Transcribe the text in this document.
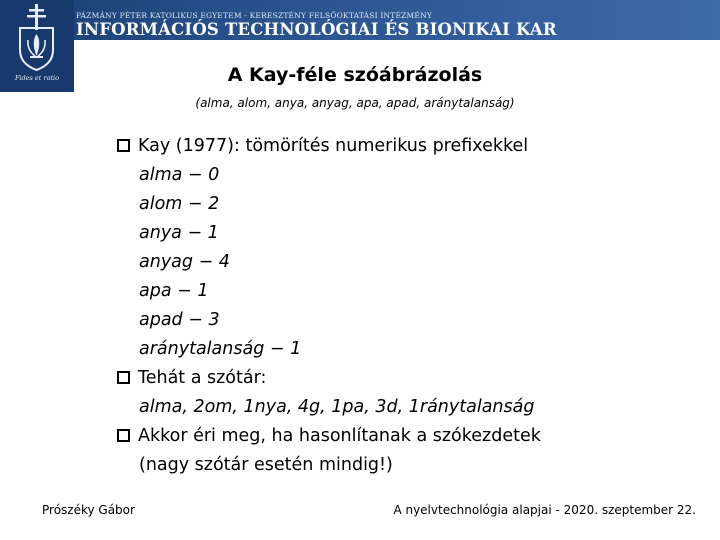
Fides et ratio
PÁZMÁNY PÉTER KATOLIKUS EGYETEM - KERESZTÉNY FELSŐOKTATÁSI INTÉZMÉNY
INFORMÁCIÓS TECHNOLÓGIAI ÉS BIONIKAI KAR
A Kay-féle szóábrázolás
(alma, alom, anya, anyag, apa, apad, aránytalanság)
Kay (1977): tömörítés numerikus prefixekkel
alma − 0
alom − 2
anya − 1
anyag − 4
apa − 1
apad − 3
aránytalanság − 1
Tehát a szótár:
alma, 2om, 1nya, 4g, 1pa, 3d, 1ránytalanság
Akkor éri meg, ha hasonlítanak a szókezdetek
(nagy szótár esetén mindig!)
Prószéky Gábor	A nyelvtechnológia alapjai - 2020. szeptember 22.
